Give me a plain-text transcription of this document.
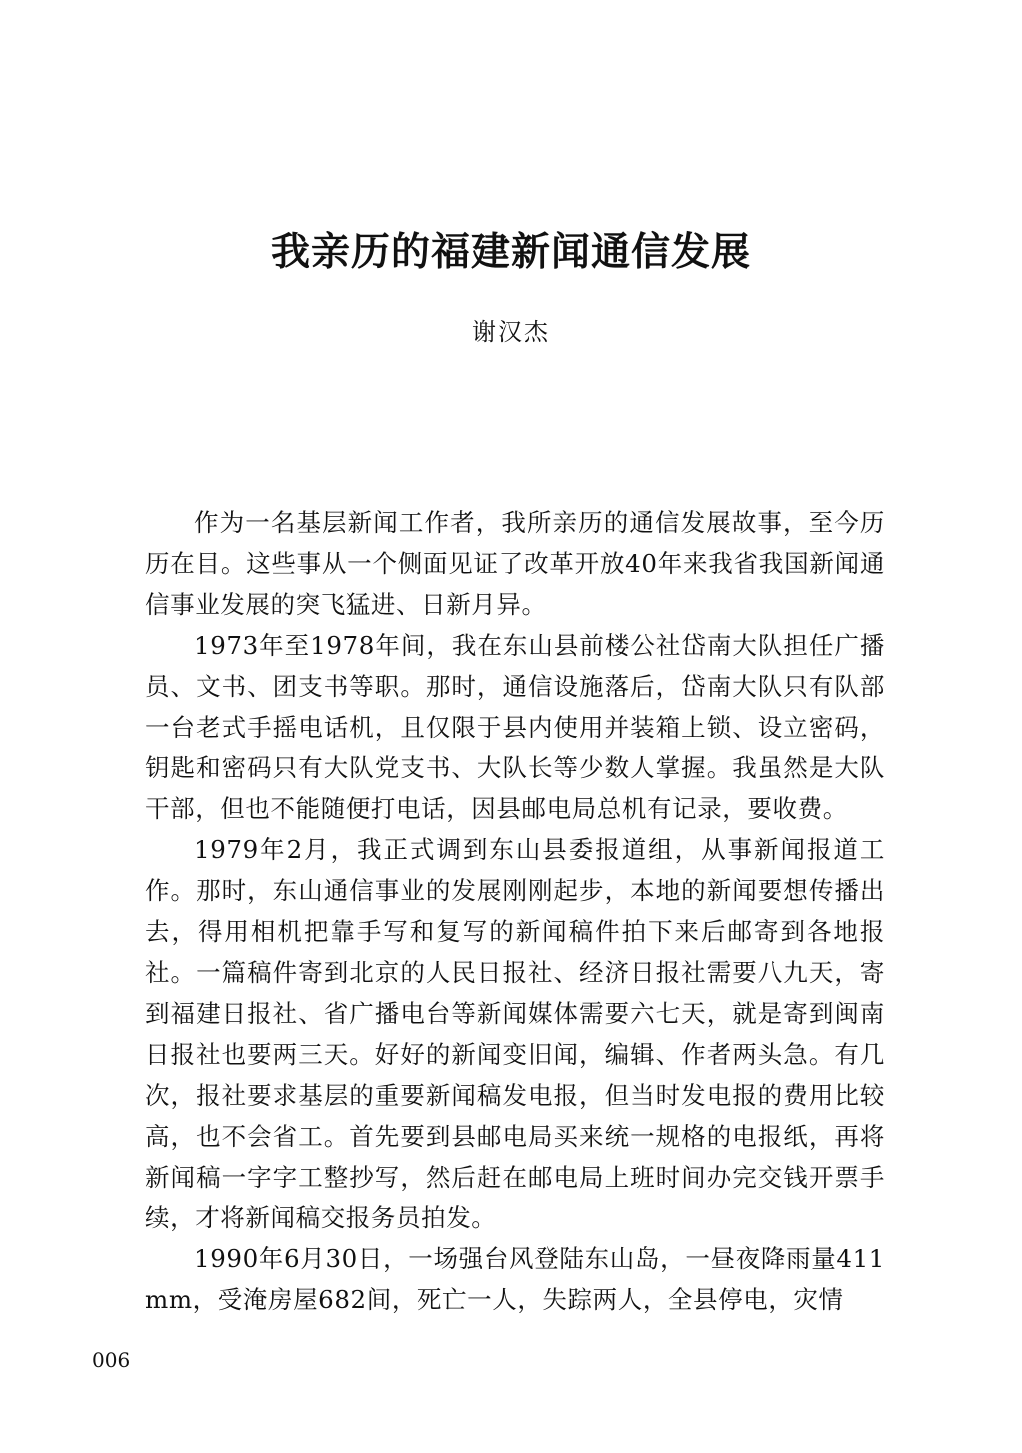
我亲历的福建新闻通信发展

谢汉杰

作为一名基层新闻工作者，我所亲历的通信发展故事，至今历历在目。这些事从一个侧面见证了改革开放40年来我省我国新闻通信事业发展的突飞猛进、日新月异。

1973年至1978年间，我在东山县前楼公社岱南大队担任广播员、文书、团支书等职。那时，通信设施落后，岱南大队只有队部一台老式手摇电话机，且仅限于县内使用并装箱上锁、设立密码，钥匙和密码只有大队党支书、大队长等少数人掌握。我虽然是大队干部，但也不能随便打电话，因县邮电局总机有记录，要收费。

1979年2月，我正式调到东山县委报道组，从事新闻报道工作。那时，东山通信事业的发展刚刚起步，本地的新闻要想传播出去，得用相机把靠手写和复写的新闻稿件拍下来后邮寄到各地报社。一篇稿件寄到北京的人民日报社、经济日报社需要八九天，寄到福建日报社、省广播电台等新闻媒体需要六七天，就是寄到闽南日报社也要两三天。好好的新闻变旧闻，编辑、作者两头急。有几次，报社要求基层的重要新闻稿发电报，但当时发电报的费用比较高，也不会省工。首先要到县邮电局买来统一规格的电报纸，再将新闻稿一字字工整抄写，然后赶在邮电局上班时间办完交钱开票手续，才将新闻稿交报务员拍发。

1990年6月30日，一场强台风登陆东山岛，一昼夜降雨量411mm，受淹房屋682间，死亡一人，失踪两人，全县停电，灾情

006
